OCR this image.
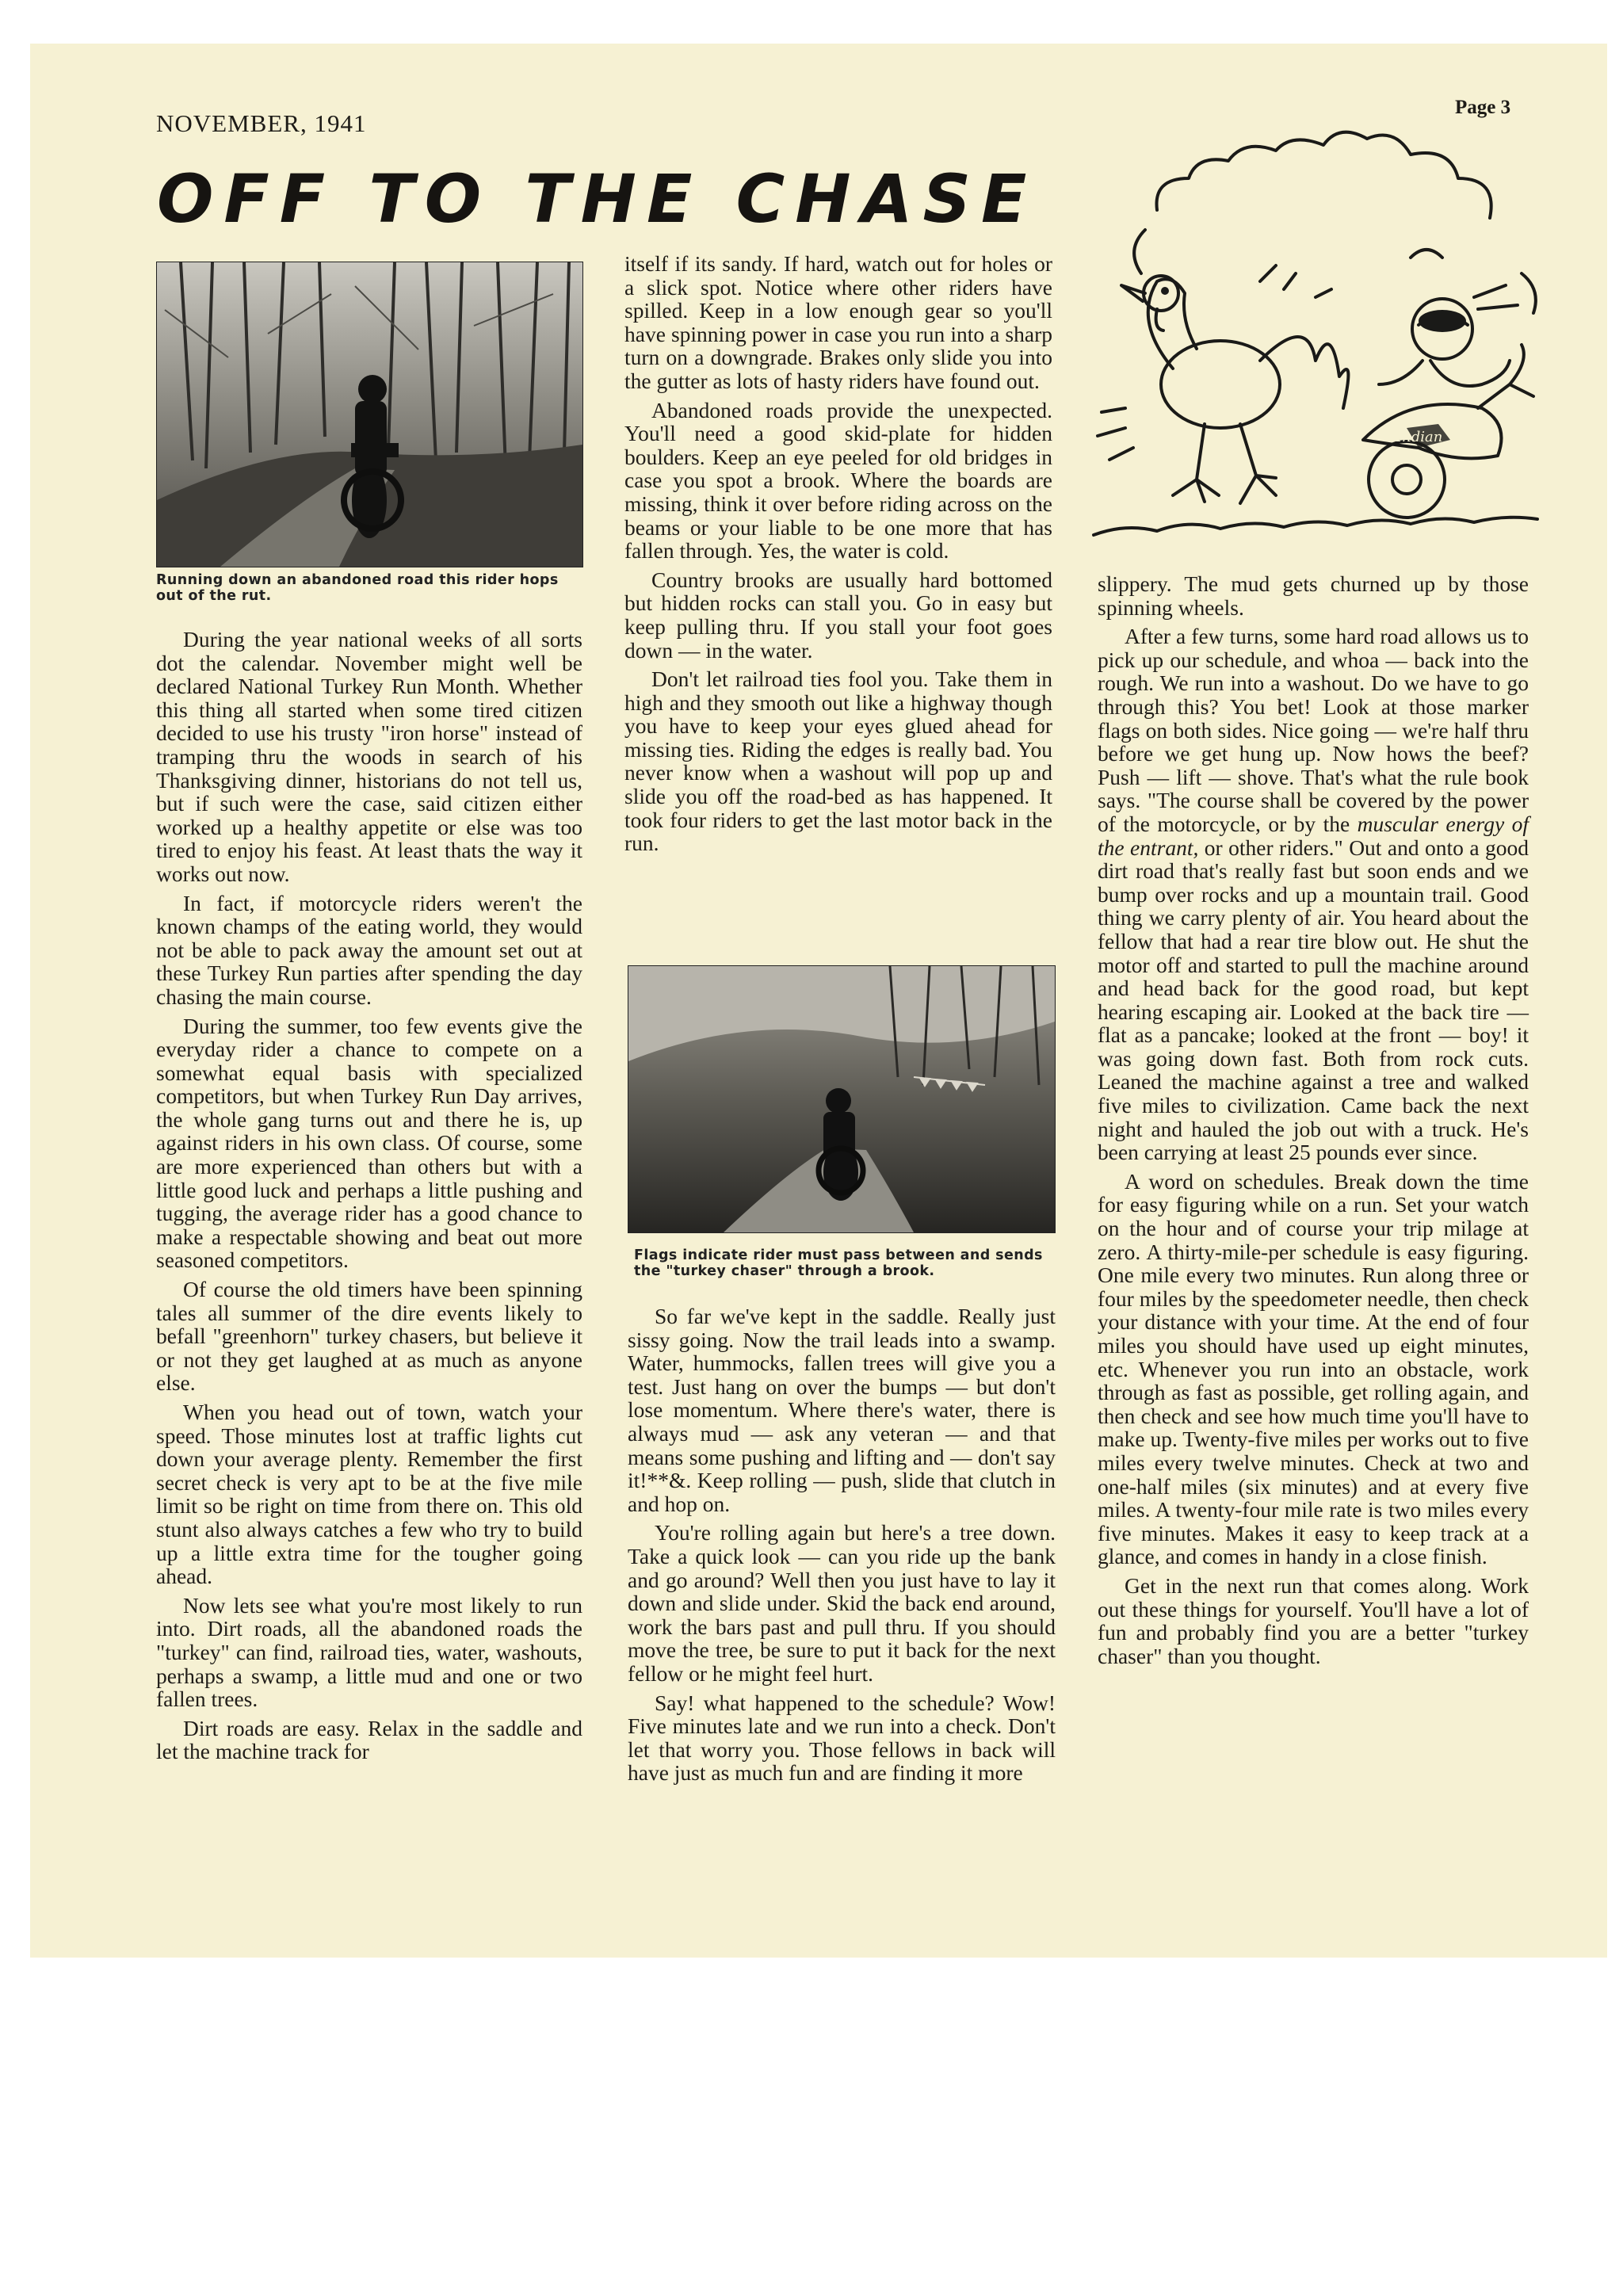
NOVEMBER, 1941
Page 3
OFF TO THE CHASE
Running down an abandoned road this rider hops out of the rut.

During the year national weeks of all sorts dot the calendar. November might well be declared National Turkey Run Month. Whether this thing all started when some tired citizen decided to use his trusty "iron horse" instead of tramping thru the woods in search of his Thanksgiving dinner, historians do not tell us, but if such were the case, said citizen either worked up a healthy appetite or else was too tired to enjoy his feast. At least thats the way it works out now.

In fact, if motorcycle riders weren't the known champs of the eating world, they would not be able to pack away the amount set out at these Turkey Run parties after spending the day chasing the main course.

During the summer, too few events give the everyday rider a chance to compete on a somewhat equal basis with specialized competitors, but when Turkey Run Day arrives, the whole gang turns out and there he is, up against riders in his own class. Of course, some are more experienced than others but with a little good luck and perhaps a little pushing and tugging, the average rider has a good chance to make a respectable showing and beat out more seasoned competitors.

Of course the old timers have been spinning tales all summer of the dire events likely to befall "greenhorn" turkey chasers, but believe it or not they get laughed at as much as anyone else.

When you head out of town, watch your speed. Those minutes lost at traffic lights cut down your average plenty. Remember the first secret check is very apt to be at the five mile limit so be right on time from there on. This old stunt also always catches a few who try to build up a little extra time for the tougher going ahead.

Now lets see what you're most likely to run into. Dirt roads, all the abandoned roads the "turkey" can find, railroad ties, water, washouts, perhaps a swamp, a little mud and one or two fallen trees.

Dirt roads are easy. Relax in the saddle and let the machine track for

itself if its sandy. If hard, watch out for holes or a slick spot. Notice where other riders have spilled. Keep in a low enough gear so you'll have spinning power in case you run into a sharp turn on a downgrade. Brakes only slide you into the gutter as lots of hasty riders have found out.

Abandoned roads provide the unexpected. You'll need a good skid-plate for hidden boulders. Keep an eye peeled for old bridges in case you spot a brook. Where the boards are missing, think it over before riding across on the beams or your liable to be one more that has fallen through. Yes, the water is cold.

Country brooks are usually hard bottomed but hidden rocks can stall you. Go in easy but keep pulling thru. If you stall your foot goes down — in the water.

Don't let railroad ties fool you. Take them in high and they smooth out like a highway though you have to keep your eyes glued ahead for missing ties. Riding the edges is really bad. You never know when a washout will pop up and slide you off the road-bed as has happened. It took four riders to get the last motor back in the run.

Flags indicate rider must pass between and sends the "turkey chaser" through a brook.

So far we've kept in the saddle. Really just sissy going. Now the trail leads into a swamp. Water, hummocks, fallen trees will give you a test. Just hang on over the bumps — but don't lose momentum. Where there's water, there is always mud — ask any veteran — and that means some pushing and lifting and — don't say it!**&. Keep rolling — push, slide that clutch in and hop on.

You're rolling again but here's a tree down. Take a quick look — can you ride up the bank and go around? Well then you just have to lay it down and slide under. Skid the back end around, work the bars past and pull thru. If you should move the tree, be sure to put it back for the next fellow or he might feel hurt.

Say! what happened to the schedule? Wow! Five minutes late and we run into a check. Don't let that worry you. Those fellows in back will have just as much fun and are finding it more

Indian

slippery. The mud gets churned up by those spinning wheels.

After a few turns, some hard road allows us to pick up our schedule, and whoa — back into the rough. We run into a washout. Do we have to go through this? You bet! Look at those marker flags on both sides. Nice going — we're half thru before we get hung up. Now hows the beef? Push — lift — shove. That's what the rule book says. "The course shall be covered by the power of the motorcycle, or by the muscular energy of the entrant, or other riders." Out and onto a good dirt road that's really fast but soon ends and we bump over rocks and up a mountain trail. Good thing we carry plenty of air. You heard about the fellow that had a rear tire blow out. He shut the motor off and started to pull the machine around and head back for the good road, but kept hearing escaping air. Looked at the back tire — flat as a pancake; looked at the front — boy! it was going down fast. Both from rock cuts. Leaned the machine against a tree and walked five miles to civilization. Came back the next night and hauled the job out with a truck. He's been carrying at least 25 pounds ever since.

A word on schedules. Break down the time for easy figuring while on a run. Set your watch on the hour and of course your trip milage at zero. A thirty-mile-per schedule is easy figuring. One mile every two minutes. Run along three or four miles by the speedometer needle, then check your distance with your time. At the end of four miles you should have used up eight minutes, etc. Whenever you run into an obstacle, work through as fast as possible, get rolling again, and then check and see how much time you'll have to make up. Twenty-five miles per works out to five miles every twelve minutes. Check at two and one-half miles (six minutes) and at every five miles. A twenty-four mile rate is two miles every five minutes. Makes it easy to keep track at a glance, and comes in handy in a close finish.

Get in the next run that comes along. Work out these things for yourself. You'll have a lot of fun and probably find you are a better "turkey chaser" than you thought.
